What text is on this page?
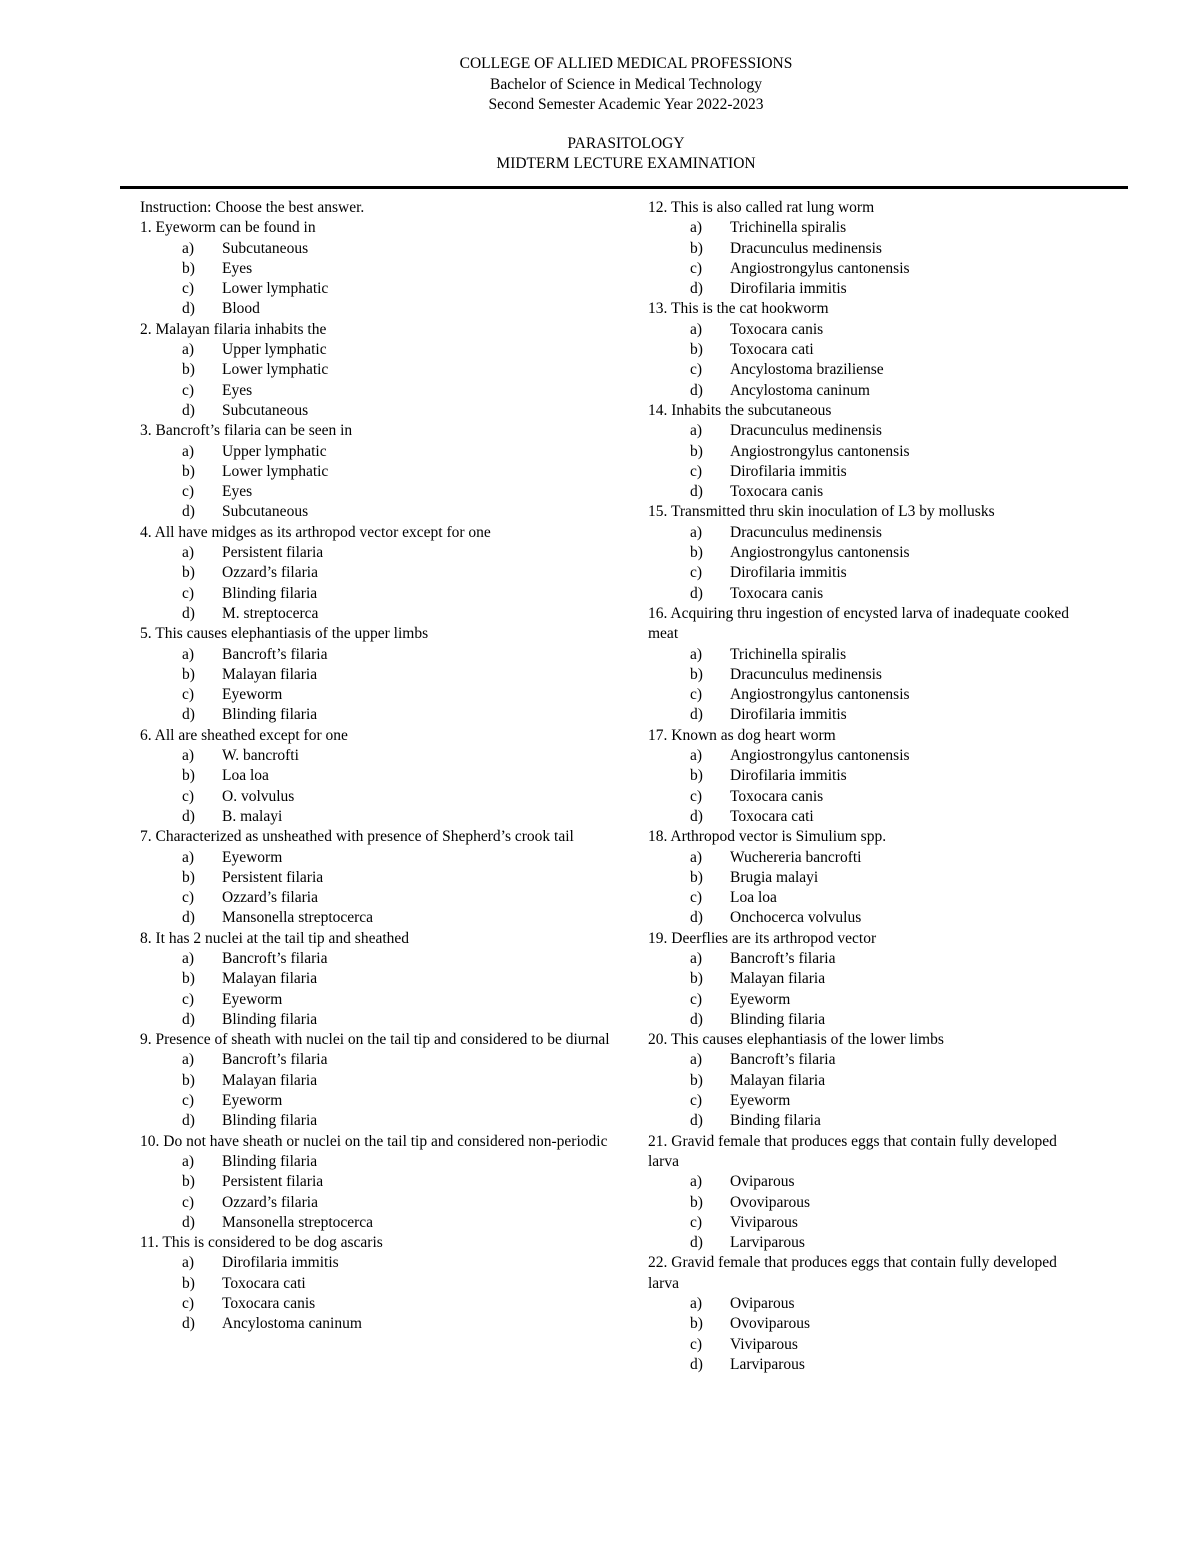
COLLEGE OF ALLIED MEDICAL PROFESSIONS
Bachelor of Science in Medical Technology
Second Semester Academic Year 2022-2023
PARASITOLOGY
MIDTERM LECTURE EXAMINATION
Instruction: Choose the best answer.
1. Eyeworm can be found in
a) Subcutaneous
b) Eyes
c) Lower lymphatic
d) Blood
2. Malayan filaria inhabits the
a) Upper lymphatic
b) Lower lymphatic
c) Eyes
d) Subcutaneous
3. Bancroft’s filaria can be seen in
a) Upper lymphatic
b) Lower lymphatic
c) Eyes
d) Subcutaneous
4. All have midges as its arthropod vector except for one
a) Persistent filaria
b) Ozzard’s filaria
c) Blinding filaria
d) M. streptocerca
5. This causes elephantiasis of the upper limbs
a) Bancroft’s filaria
b) Malayan filaria
c) Eyeworm
d) Blinding filaria
6. All are sheathed except for one
a) W. bancrofti
b) Loa loa
c) O. volvulus
d) B. malayi
7. Characterized as unsheathed with presence of Shepherd’s crook tail
a) Eyeworm
b) Persistent filaria
c) Ozzard’s filaria
d) Mansonella streptocerca
8. It has 2 nuclei at the tail tip and sheathed
a) Bancroft’s filaria
b) Malayan filaria
c) Eyeworm
d) Blinding filaria
9. Presence of sheath with nuclei on the tail tip and considered to be diurnal
a) Bancroft’s filaria
b) Malayan filaria
c) Eyeworm
d) Blinding filaria
10. Do not have sheath or nuclei on the tail tip and considered non-periodic
a) Blinding filaria
b) Persistent filaria
c) Ozzard’s filaria
d) Mansonella streptocerca
11. This is considered to be dog ascaris
a) Dirofilaria immitis
b) Toxocara cati
c) Toxocara canis
d) Ancylostoma caninum
12. This is also called rat lung worm
a) Trichinella spiralis
b) Dracunculus medinensis
c) Angiostrongylus cantonensis
d) Dirofilaria immitis
13. This is the cat hookworm
a) Toxocara canis
b) Toxocara cati
c) Ancylostoma braziliense
d) Ancylostoma caninum
14. Inhabits the subcutaneous
a) Dracunculus medinensis
b) Angiostrongylus cantonensis
c) Dirofilaria immitis
d) Toxocara canis
15. Transmitted thru skin inoculation of L3 by mollusks
a) Dracunculus medinensis
b) Angiostrongylus cantonensis
c) Dirofilaria immitis
d) Toxocara canis
16. Acquiring thru ingestion of encysted larva of inadequate cooked meat
a) Trichinella spiralis
b) Dracunculus medinensis
c) Angiostrongylus cantonensis
d) Dirofilaria immitis
17. Known as dog heart worm
a) Angiostrongylus cantonensis
b) Dirofilaria immitis
c) Toxocara canis
d) Toxocara cati
18. Arthropod vector is Simulium spp.
a) Wuchereria bancrofti
b) Brugia malayi
c) Loa loa
d) Onchocerca volvulus
19. Deerflies are its arthropod vector
a) Bancroft’s filaria
b) Malayan filaria
c) Eyeworm
d) Blinding filaria
20. This causes elephantiasis of the lower limbs
a) Bancroft’s filaria
b) Malayan filaria
c) Eyeworm
d) Binding filaria
21. Gravid female that produces eggs that contain fully developed larva
a) Oviparous
b) Ovoviparous
c) Viviparous
d) Larviparous
22. Gravid female that produces eggs that contain fully developed larva
a) Oviparous
b) Ovoviparous
c) Viviparous
d) Larviparous
